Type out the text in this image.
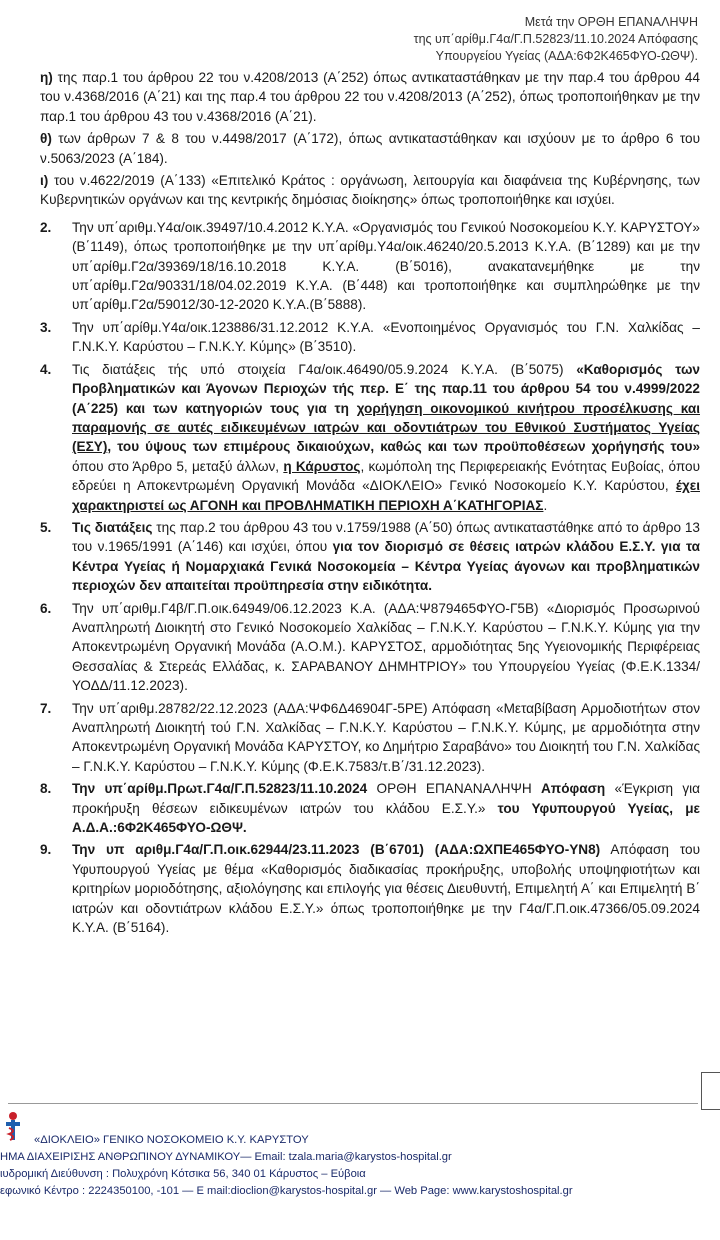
Μετά την ΟΡΘΗ ΕΠΑΝΑΛΗΨΗ
της υπ΄αρίθμ.Γ4α/Γ.Π.52823/11.10.2024 Απόφασης
Υπουργείου Υγείας (ΑΔΑ:6Φ2Κ465ΦΥΟ-ΩΘΨ).

η) της παρ.1 του άρθρου 22 του ν.4208/2013 (Α΄252) όπως αντικαταστάθηκαν με την παρ.4 του άρθρου 44 του ν.4368/2016 (Α΄21) και της παρ.4 του άρθρου 22 του ν.4208/2013 (Α΄252), όπως τροποποιήθηκαν με την παρ.1 του άρθρου 43 του ν.4368/2016 (Α΄21).

θ) των άρθρων 7 & 8 του ν.4498/2017 (Α΄172), όπως αντικαταστάθηκαν και ισχύουν με το άρθρο 6 του ν.5063/2023 (Α΄184).

ι) του ν.4622/2019 (Α΄133) «Επιτελικό Κράτος : οργάνωση, λειτουργία και διαφάνεια της Κυβέρνησης, των Κυβερνητικών οργάνων και της κεντρικής δημόσιας διοίκησης» όπως τροποποιήθηκε και ισχύει.

2. Την υπ΄αριθμ.Υ4α/οικ.39497/10.4.2012 Κ.Υ.Α. «Οργανισμός του Γενικού Νοσοκομείου Κ.Υ. ΚΑΡΥΣΤΟΥ» (Β΄1149), όπως τροποποιήθηκε με την υπ΄αρίθμ.Υ4α/οικ.46240/20.5.2013 Κ.Υ.Α. (Β΄1289) και με την υπ΄αρίθμ.Γ2α/39369/18/16.10.2018 Κ.Υ.Α. (Β΄5016), ανακατανεμήθηκε με την υπ΄αρίθμ.Γ2α/90331/18/04.02.2019 Κ.Υ.Α. (Β΄448) και τροποποιήθηκε και συμπληρώθηκε με την υπ΄αρίθμ.Γ2α/59012/30-12-2020 Κ.Υ.Α.(Β΄5888).
3. Την υπ΄αρίθμ.Υ4α/οικ.123886/31.12.2012 Κ.Υ.Α. «Ενοποιημένος Οργανισμός του Γ.Ν. Χαλκίδας – Γ.Ν.Κ.Υ. Καρύστου – Γ.Ν.Κ.Υ. Κύμης» (Β΄3510).
4. Τις διατάξεις τής υπό στοιχεία Γ4α/οικ.46490/05.9.2024 Κ.Υ.Α. (Β΄5075) «Καθορισμός των Προβληματικών και Άγονων Περιοχών τής περ. Ε΄ της παρ.11 του άρθρου 54 του ν.4999/2022 (Α΄225) και των κατηγοριών τους για τη χορήγηση οικονομικού κινήτρου προσέλκυσης και παραμονής σε αυτές ειδικευμένων ιατρών και οδοντιάτρων του Εθνικού Συστήματος Υγείας (ΕΣΥ), του ύψους των επιμέρους δικαιούχων, καθώς και των προϋποθέσεων χορήγησής του» όπου στο Άρθρο 5, μεταξύ άλλων, η Κάρυστος, κωμόπολη της Περιφερειακής Ενότητας Ευβοίας, όπου εδρεύει η Αποκεντρωμένη Οργανική Μονάδα «ΔΙΟΚΛΕΙΟ» Γενικό Νοσοκομείο Κ.Υ. Καρύστου, έχει χαρακτηριστεί ως ΑΓΟΝΗ και ΠΡΟΒΛΗΜΑΤΙΚΗ ΠΕΡΙΟΧΗ Α΄ΚΑΤΗΓΟΡΙΑΣ.
5. Τις διατάξεις της παρ.2 του άρθρου 43 του ν.1759/1988 (Α΄50) όπως αντικαταστάθηκε από το άρθρο 13 του ν.1965/1991 (Α΄146) και ισχύει, όπου για τον διορισμό σε θέσεις ιατρών κλάδου Ε.Σ.Υ. για τα Κέντρα Υγείας ή Νομαρχιακά Γενικά Νοσοκομεία – Κέντρα Υγείας άγονων και προβληματικών περιοχών δεν απαιτείται προϋπηρεσία στην ειδικότητα.
6. Την υπ΄αριθμ.Γ4β/Γ.Π.οικ.64949/06.12.2023 Κ.Α. (ΑΔΑ:Ψ879465ΦΥΟ-Γ5Β) «Διορισμός Προσωρινού Αναπληρωτή Διοικητή στο Γενικό Νοσοκομείο Χαλκίδας – Γ.Ν.Κ.Υ. Καρύστου – Γ.Ν.Κ.Υ. Κύμης για την Αποκεντρωμένη Οργανική Μονάδα (Α.Ο.Μ.). ΚΑΡΥΣΤΟΣ, αρμοδιότητας 5ης Υγειονομικής Περιφέρειας Θεσσαλίας & Στερεάς Ελλάδας, κ. ΣΑΡΑΒΑΝΟΥ ΔΗΜΗΤΡΙΟΥ» του Υπουργείου Υγείας (Φ.Ε.Κ.1334/ΥΟΔΔ/11.12.2023).
7. Την υπ΄αριθμ.28782/22.12.2023 (ΑΔΑ:ΨΦ6Δ46904Γ-5ΡΕ) Απόφαση «Μεταβίβαση Αρμοδιοτήτων στον Αναπληρωτή Διοικητή τού Γ.Ν. Χαλκίδας – Γ.Ν.Κ.Υ. Καρύστου – Γ.Ν.Κ.Υ. Κύμης, με αρμοδιότητα στην Αποκεντρωμένη Οργανική Μονάδα ΚΑΡΥΣΤΟΥ, κο Δημήτριο Σαραβάνο» του Διοικητή του Γ.Ν. Χαλκίδας – Γ.Ν.Κ.Υ. Καρύστου – Γ.Ν.Κ.Υ. Κύμης (Φ.Ε.Κ.7583/τ.Β΄/31.12.2023).
8. Την υπ΄αρίθμ.Πρωτ.Γ4α/Γ.Π.52823/11.10.2024 ΟΡΘΗ ΕΠΑΝΑΝΑΛΗΨΗ Απόφαση «Έγκριση για προκήρυξη θέσεων ειδικευμένων ιατρών του κλάδου Ε.Σ.Υ.» του Υφυπουργού Υγείας, με Α.Δ.Α.:6Φ2Κ465ΦΥΟ-ΩΘΨ.
9. Την υπ αριθμ.Γ4α/Γ.Π.οικ.62944/23.11.2023 (Β΄6701) (ΑΔΑ:ΩΧΠΕ465ΦΥΟ-ΥΝ8) Απόφαση του Υφυπουργού Υγείας με θέμα «Καθορισμός διαδικασίας προκήρυξης, υποβολής υποψηφιοτήτων και κριτηρίων μοριοδότησης, αξιολόγησης και επιλογής για θέσεις Διευθυντή, Επιμελητή Α΄ και Επιμελητή Β΄ ιατρών και οδοντιάτρων κλάδου Ε.Σ.Υ.» όπως τροποποιήθηκε με την Γ4α/Γ.Π.οικ.47366/05.09.2024 Κ.Υ.Α. (Β΄5164).
«ΔΙΟΚΛΕΙΟ» ΓΕΝΙΚΟ ΝΟΣΟΚΟΜΕΙΟ Κ.Υ. ΚΑΡΥΣΤΟΥ
ΗΜΑ ΔΙΑΧΕΙΡΙΣΗΣ ΑΝΘΡΩΠΙΝΟΥ ΔΥΝΑΜΙΚΟΥ— Email: tzala.maria@karystos-hospital.gr
ιυδρομική Διεύθυνση : Πολυχρόνη Κότσικα 56, 340 01 Κάρυστος – Εύβοια
εφωνικό Κέντρο : 2224350100, -101 — E mail:dioclion@karystos-hospital.gr — Web Page: www.karystoshospital.gr
